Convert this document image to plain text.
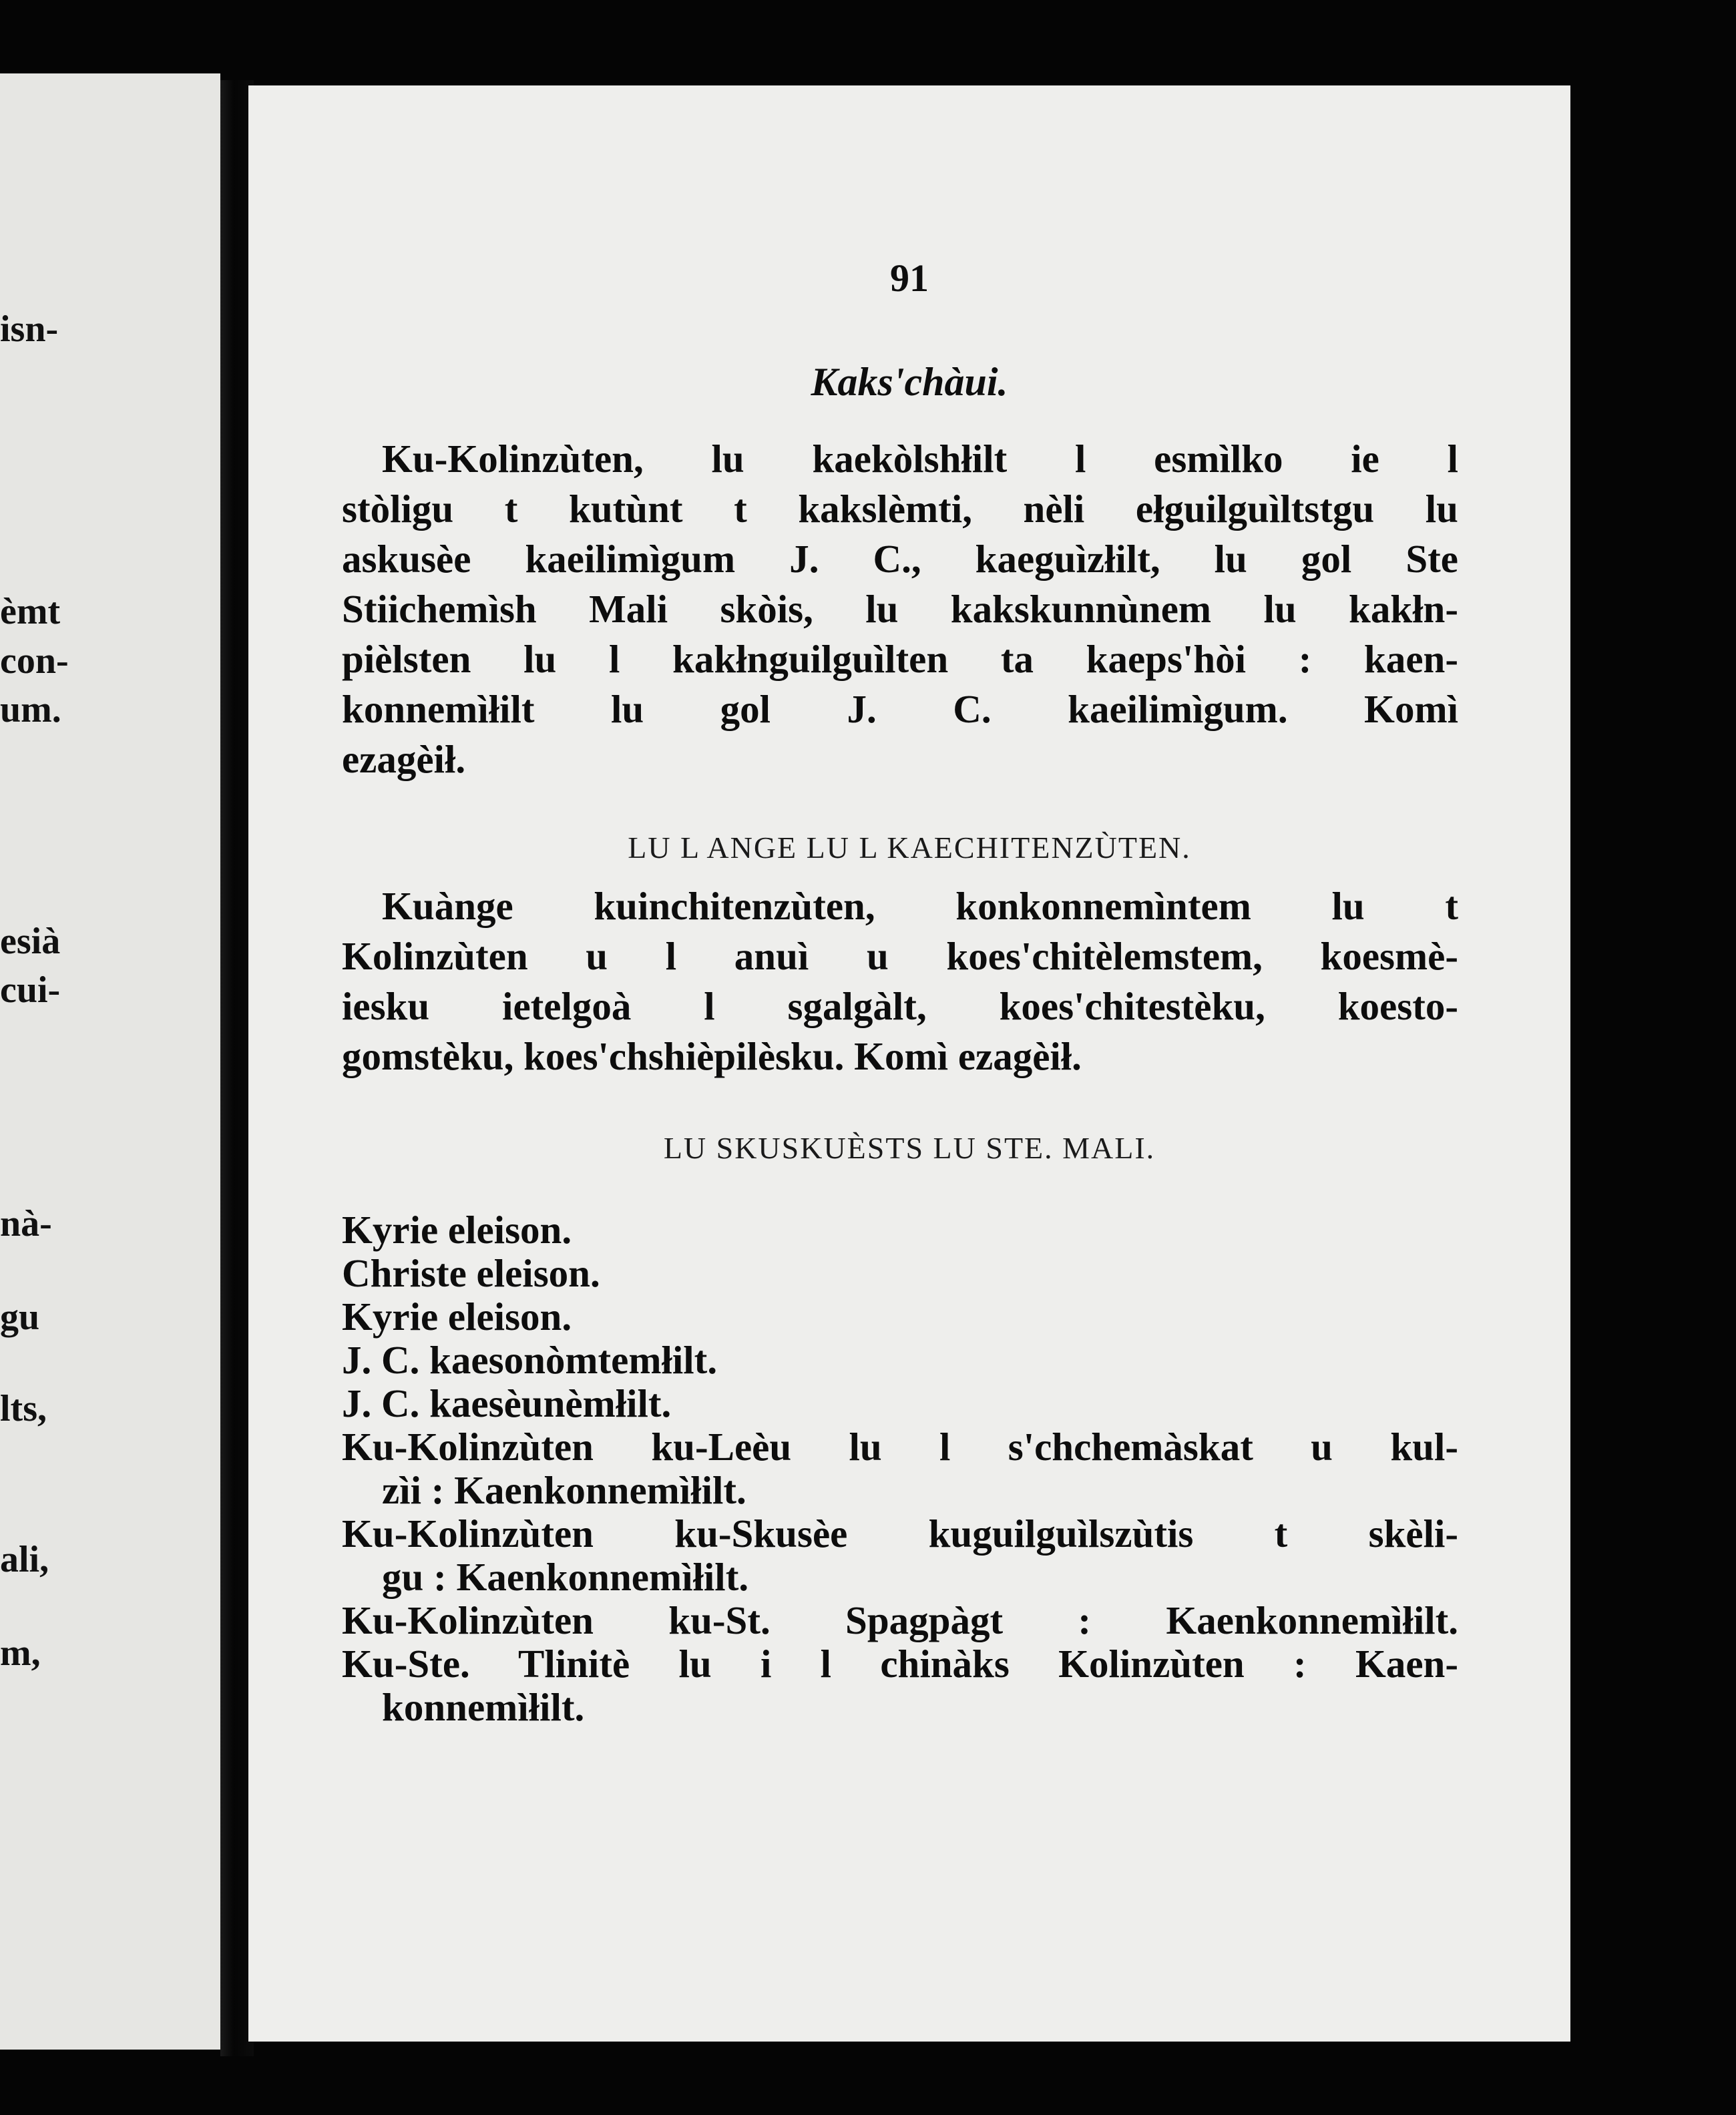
isn-
èmt
con-
um.
esià
cui-
nà-
gu
lts,
ali,
m,
91
Kaks'chàui.
Ku-Kolinzùten, lu kaekòlshłilt l esmìlko ie l
stòligu t kutùnt t kakslèmti, nèli ełguilguìltstgu lu
askusèe kaeilimìgum J. C., kaeguìzłilt, lu gol Ste
Stiichemìsh Mali skòis, lu kakskunnùnem lu kakłn-
pièlsten lu l kakłnguilguìlten ta kaeps'hòi : kaen-
konnemìłilt lu gol J. C. kaeilimìgum. Komì
ezagèił.
LU L ANGE LU L KAECHITENZÙTEN.
Kuànge kuinchitenzùten, konkonnemìntem lu t
Kolinzùten u l anuì u koes'chitèlemstem, koesmè-
iesku ietelgoà l sgalgàlt, koes'chitestèku, koesto-
gomstèku, koes'chshièpilèsku. Komì ezagèił.
LU SKUSKUÈSTS LU STE. MALI.
Kyrie eleison.
Christe eleison.
Kyrie eleison.
J. C. kaesonòmtemłilt.
J. C. kaesèunèmłilt.
Ku-Kolinzùten ku-Leèu lu l s'chchemàskat u kul-
zìi : Kaenkonnemìłilt.
Ku-Kolinzùten ku-Skusèe kuguilguìlszùtis t skèli-
gu : Kaenkonnemìłilt.
Ku-Kolinzùten ku-St. Spagpàgt : Kaenkonnemìłilt.
Ku-Ste. Tlinitè lu i l chinàks Kolinzùten : Kaen-
konnemìłilt.
